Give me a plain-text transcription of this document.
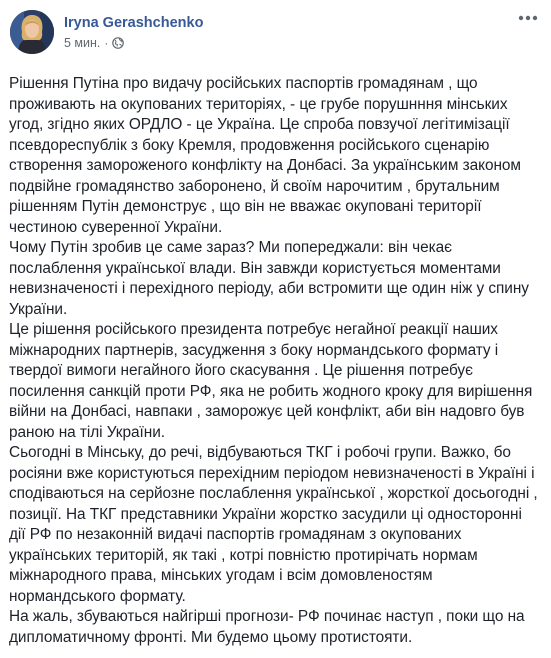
Iryna Gerashchenko
5 мин. ·

Рішення Путіна про видачу російських паспортів громадянам , що проживають на окупованих територіях, - це грубе порушнння мінських угод, згідно яких ОРДЛО - це Україна. Це спроба повзучої легітимізації псевдореспублік з боку Кремля, продовження російського сценарію створення замороженого конфлікту на Донбасі. За українським законом подвійне громадянство заборонено, й своїм нарочитим , брутальним рішенням Путін демонструє , що він не вважає окуповані території честиною суверенної України.

Чому Путін зробив це саме зараз? Ми попереджали: він чекає послаблення української влади. Він завжди користується моментами невизначеності і перехідного періоду, аби встромити ще один ніж у спину України.

Це рішення російського президента потребує негайної реакції наших міжнародних партнерів, засудження з боку нормандського формату і твердої вимоги негайного його скасування . Це рішення потребує посилення санкцій проти РФ, яка не робить жодного кроку для вирішення війни на Донбасі, навпаки , заморожує цей конфлікт, аби він надовго був раною на тілі України.

Сьогодні в Мінську, до речі, відбуваються ТКГ і робочі групи. Важко, бо росіяни вже користуються перехідним періодом невизначеності в Україні і сподіваються на серйозне послаблення української , жорсткої досьогодні , позиції. На ТКГ представники України жорстко засудили ці односторонні дії РФ по незаконній видачі паспортів громадянам з окупованих українських територій, як такі , котрі повністю протирічать нормам міжнародного права, мінських угодам і всім домовленостям нормандського формату.

На жаль, збуваються найгірші прогнози- РФ починає наступ , поки що на дипломатичному фронті. Ми будемо цьому протистояти.
